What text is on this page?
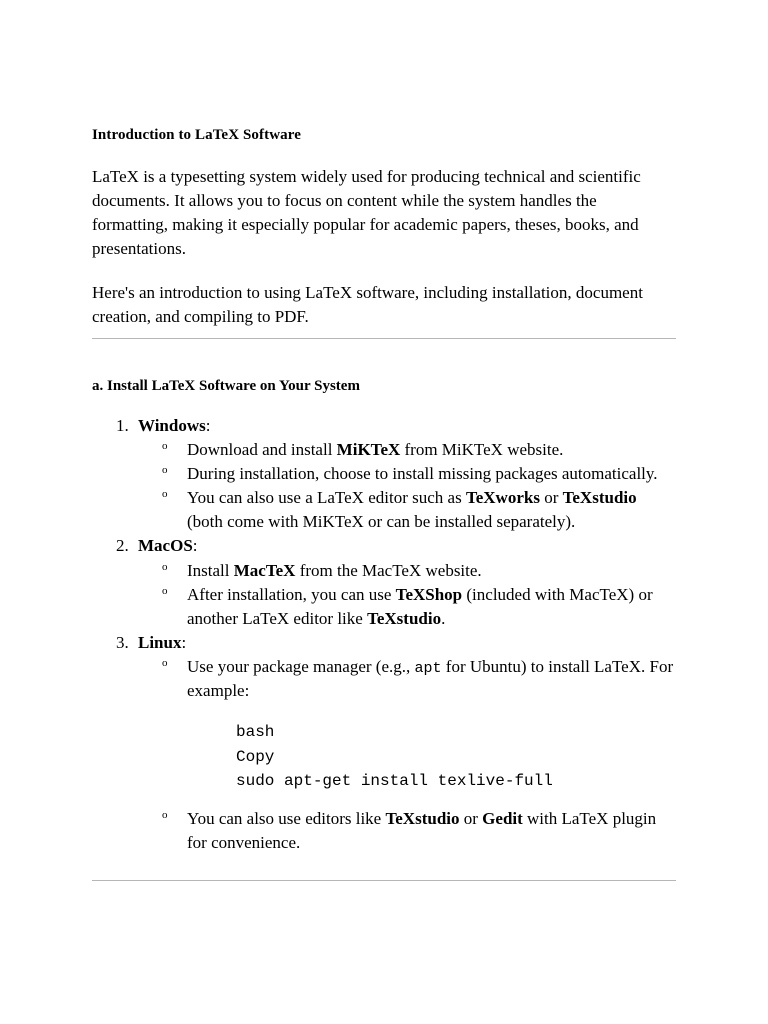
Introduction to LaTeX Software

LaTeX is a typesetting system widely used for producing technical and scientific documents. It allows you to focus on content while the system handles the formatting, making it especially popular for academic papers, theses, books, and presentations.

Here's an introduction to using LaTeX software, including installation, document creation, and compiling to PDF.

a. Install LaTeX Software on Your System
1. Windows:
o Download and install MiKTeX from MiKTeX website.
o During installation, choose to install missing packages automatically.
o You can also use a LaTeX editor such as TeXworks or TeXstudio (both come with MiKTeX or can be installed separately).
2. MacOS:
o Install MacTeX from the MacTeX website.
o After installation, you can use TeXShop (included with MacTeX) or another LaTeX editor like TeXstudio.
3. Linux:
o Use your package manager (e.g., apt for Ubuntu) to install LaTeX. For example:
bash
Copy
sudo apt-get install texlive-full
o You can also use editors like TeXstudio or Gedit with LaTeX plugin for convenience.
